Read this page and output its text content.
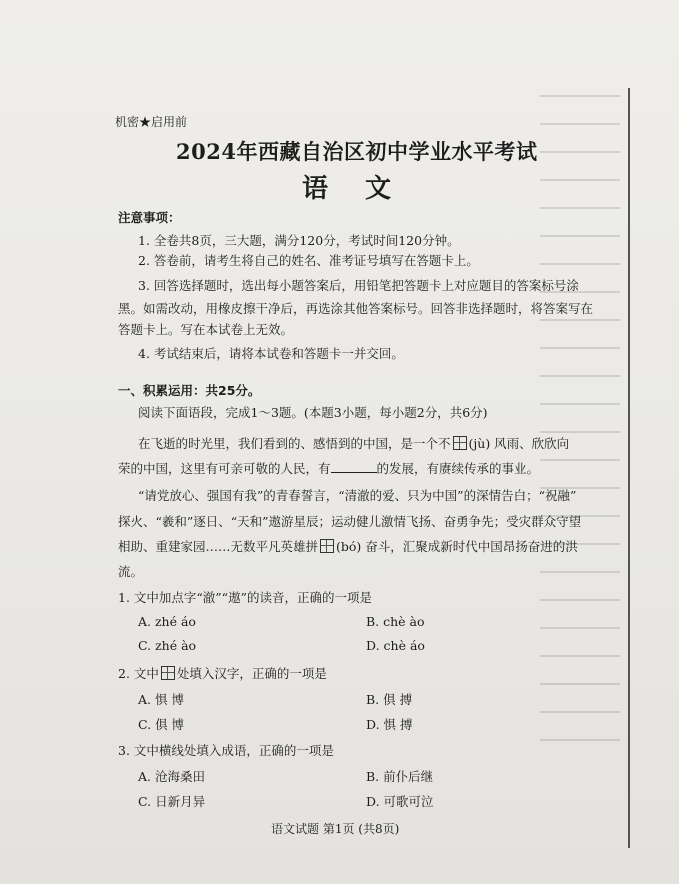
机密★启用前
2024年西藏自治区初中学业水平考试
语 文
注意事项：
1. 全卷共8页，三大题，满分120分，考试时间120分钟。
2. 答卷前，请考生将自己的姓名、准考证号填写在答题卡上。
3. 回答选择题时，选出每小题答案后，用铅笔把答题卡上对应题目的答案标号涂
黑。如需改动，用橡皮擦干净后，再选涂其他答案标号。回答非选择题时，将答案写在
答题卡上。写在本试卷上无效。
4. 考试结束后，请将本试卷和答题卡一并交回。
一、积累运用：共25分。
阅读下面语段，完成1～3题。(本题3小题，每小题2分，共6分)
在飞逝的时光里，我们看到的、感悟到的中国，是一个不 (jù) 风雨、欣欣向
荣的中国，这里有可亲可敬的人民，有	的发展，有赓续传承的事业。
“请党放心、强国有我”的青春誓言，“清澈的爱、只为中国”的深情告白；“祝融”
探火、“羲和”逐日、“天和”遨游星辰；运动健儿激情飞扬、奋勇争先；受灾群众守望
相助、重建家园……无数平凡英雄拼 (bó) 奋斗，汇聚成新时代中国昂扬奋进的洪
流。
1. 文中加点字“澈”“遨”的读音，正确的一项是
A. zhé áo	B. chè ào
C. zhé ào	D. chè áo
2. 文中 处填入汉字，正确的一项是
A. 惧 博	B. 俱 搏
C. 俱 博	D. 惧 搏
3. 文中横线处填入成语，正确的一项是
A. 沧海桑田	B. 前仆后继
C. 日新月异	D. 可歌可泣
语文试题 第1页 (共8页)
